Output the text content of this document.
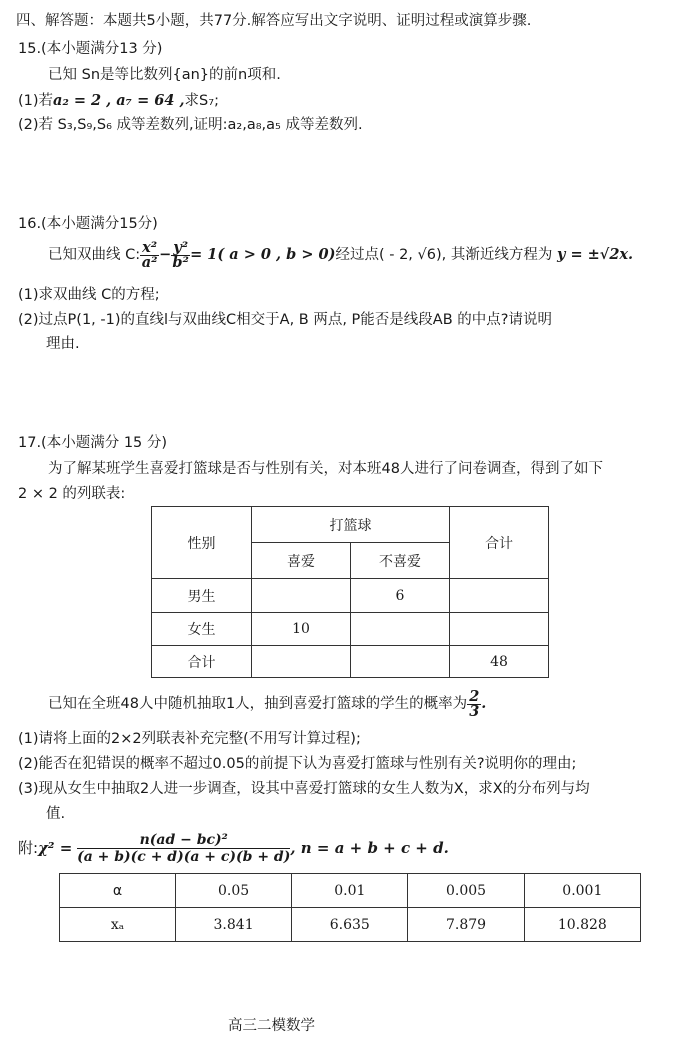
四、解答题：本题共5小题，共77分.解答应写出文字说明、证明过程或演算步骤.
15.(本小题满分13 分)
已知 Sn是等比数列{an}的前n项和.
(1)若a₂ = 2 , a₇ = 64 ,求S₇;
(2)若 S₃,S₉,S₆ 成等差数列,证明:a₂,a₈,a₅ 成等差数列.
16.(本小题满分15分)
已知双曲线 C: $\frac{\text{x²}}{\text{a²}} - \frac{\text{y²}}{\text{b²}} = 1$( a > 0 , b > 0)经过点( - 2, √6), 其渐近线方程为 y = ±√2x.
(1)求双曲线 C的方程;
(2)过点P(1, -1)的直线l与双曲线C相交于A, B 两点, P能否是线段AB 的中点?请说明
理由.
17.(本小题满分 15 分)
为了解某班学生喜爱打篮球是否与性别有关，对本班48人进行了问卷调查，得到了如下
2 × 2 的列联表:
性别	打篮球		合计
	喜爱	不喜爱	
男生		6	
女生	10		
合计			48
已知在全班48人中随机抽取1人，抽到喜爱打篮球的学生的概率为 $\frac{2}{3}$ .
(1)请将上面的2×2列联表补充完整(不用写计算过程);
(2)能否在犯错误的概率不超过0.05的前提下认为喜爱打篮球与性别有关?说明你的理由;
(3)现从女生中抽取2人进一步调查，设其中喜爱打篮球的女生人数为X，求X的分布列与均
值.
附:χ² = $\frac{\text{n(ad − bc)²}}{(a + b)(c + d)(a + c)(b + d)}$ , n = a + b + c + d.
α	0.05	0.01	0.005	0.001
xₐ	3.841	6.635	7.879	10.828
高三二模数学
